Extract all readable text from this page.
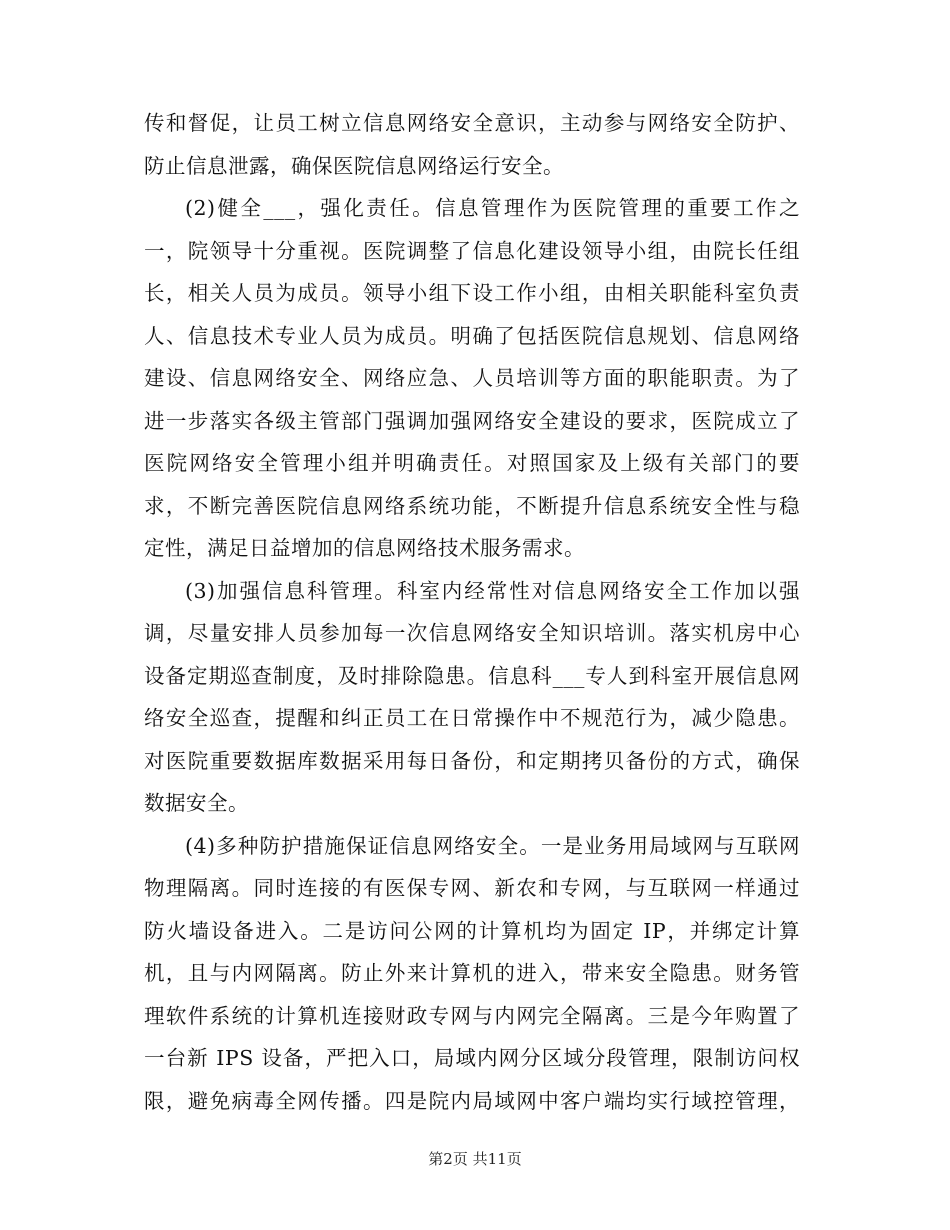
传和督促，让员工树立信息网络安全意识，主动参与网络安全防护、
防止信息泄露，确保医院信息网络运行安全。
(2)健全___，强化责任。信息管理作为医院管理的重要工作之
一，院领导十分重视。医院调整了信息化建设领导小组，由院长任组
长，相关人员为成员。领导小组下设工作小组，由相关职能科室负责
人、信息技术专业人员为成员。明确了包括医院信息规划、信息网络
建设、信息网络安全、网络应急、人员培训等方面的职能职责。为了
进一步落实各级主管部门强调加强网络安全建设的要求，医院成立了
医院网络安全管理小组并明确责任。对照国家及上级有关部门的要
求，不断完善医院信息网络系统功能，不断提升信息系统安全性与稳
定性，满足日益增加的信息网络技术服务需求。
(3)加强信息科管理。科室内经常性对信息网络安全工作加以强
调，尽量安排人员参加每一次信息网络安全知识培训。落实机房中心
设备定期巡查制度，及时排除隐患。信息科___专人到科室开展信息网
络安全巡查，提醒和纠正员工在日常操作中不规范行为，减少隐患。
对医院重要数据库数据采用每日备份，和定期拷贝备份的方式，确保
数据安全。
(4)多种防护措施保证信息网络安全。一是业务用局域网与互联网
物理隔离。同时连接的有医保专网、新农和专网，与互联网一样通过
防火墙设备进入。二是访问公网的计算机均为固定 IP，并绑定计算
机，且与内网隔离。防止外来计算机的进入，带来安全隐患。财务管
理软件系统的计算机连接财政专网与内网完全隔离。三是今年购置了
一台新 IPS 设备，严把入口，局域内网分区域分段管理，限制访问权
限，避免病毒全网传播。四是院内局域网中客户端均实行域控管理，
第2页 共11页
